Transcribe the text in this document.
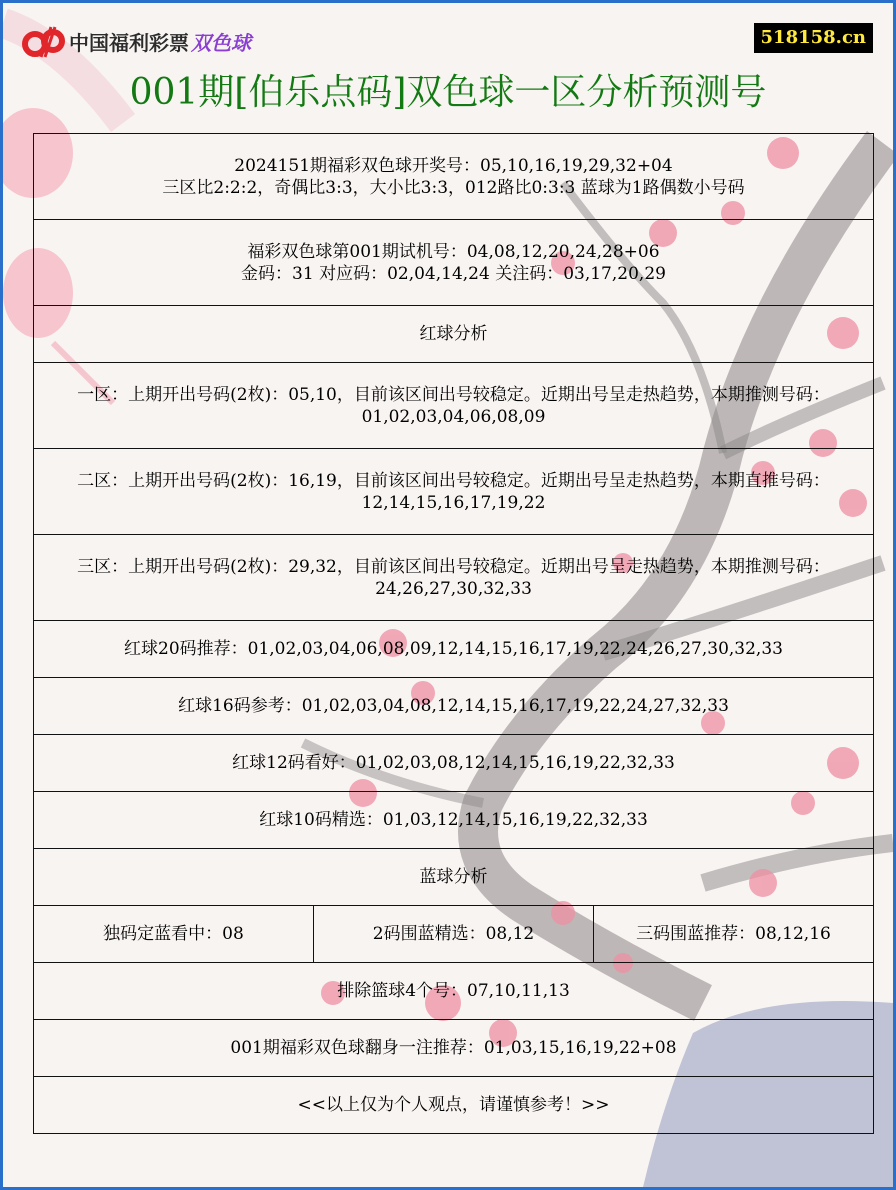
中国福利彩票 双色球	518158.cn
001期[伯乐点码]双色球一区分析预测号
2024151期福彩双色球开奖号：05,10,16,19,29,32+04
三区比2:2:2，奇偶比3:3，大小比3:3，012路比0:3:3 蓝球为1路偶数小号码

福彩双色球第001期试机号：04,08,12,20,24,28+06
金码：31 对应码：02,04,14,24 关注码：03,17,20,29

红球分析
一区：上期开出号码(2枚)：05,10，目前该区间出号较稳定。近期出号呈走热趋势，本期推测号码：01,02,03,04,06,08,09
二区：上期开出号码(2枚)：16,19，目前该区间出号较稳定。近期出号呈走热趋势，本期直推号码：12,14,15,16,17,19,22
三区：上期开出号码(2枚)：29,32，目前该区间出号较稳定。近期出号呈走热趋势，本期推测号码：24,26,27,30,32,33
红球20码推荐：01,02,03,04,06,08,09,12,14,15,16,17,19,22,24,26,27,30,32,33
红球16码参考：01,02,03,04,08,12,14,15,16,17,19,22,24,27,32,33
红球12码看好：01,02,03,08,12,14,15,16,19,22,32,33
红球10码精选：01,03,12,14,15,16,19,22,32,33
蓝球分析
独码定蓝看中：08	2码围蓝精选：08,12	三码围蓝推荐：08,12,16
排除篮球4个号：07,10,11,13
001期福彩双色球翻身一注推荐：01,03,15,16,19,22+08
<<以上仅为个人观点，请谨慎参考！>>
